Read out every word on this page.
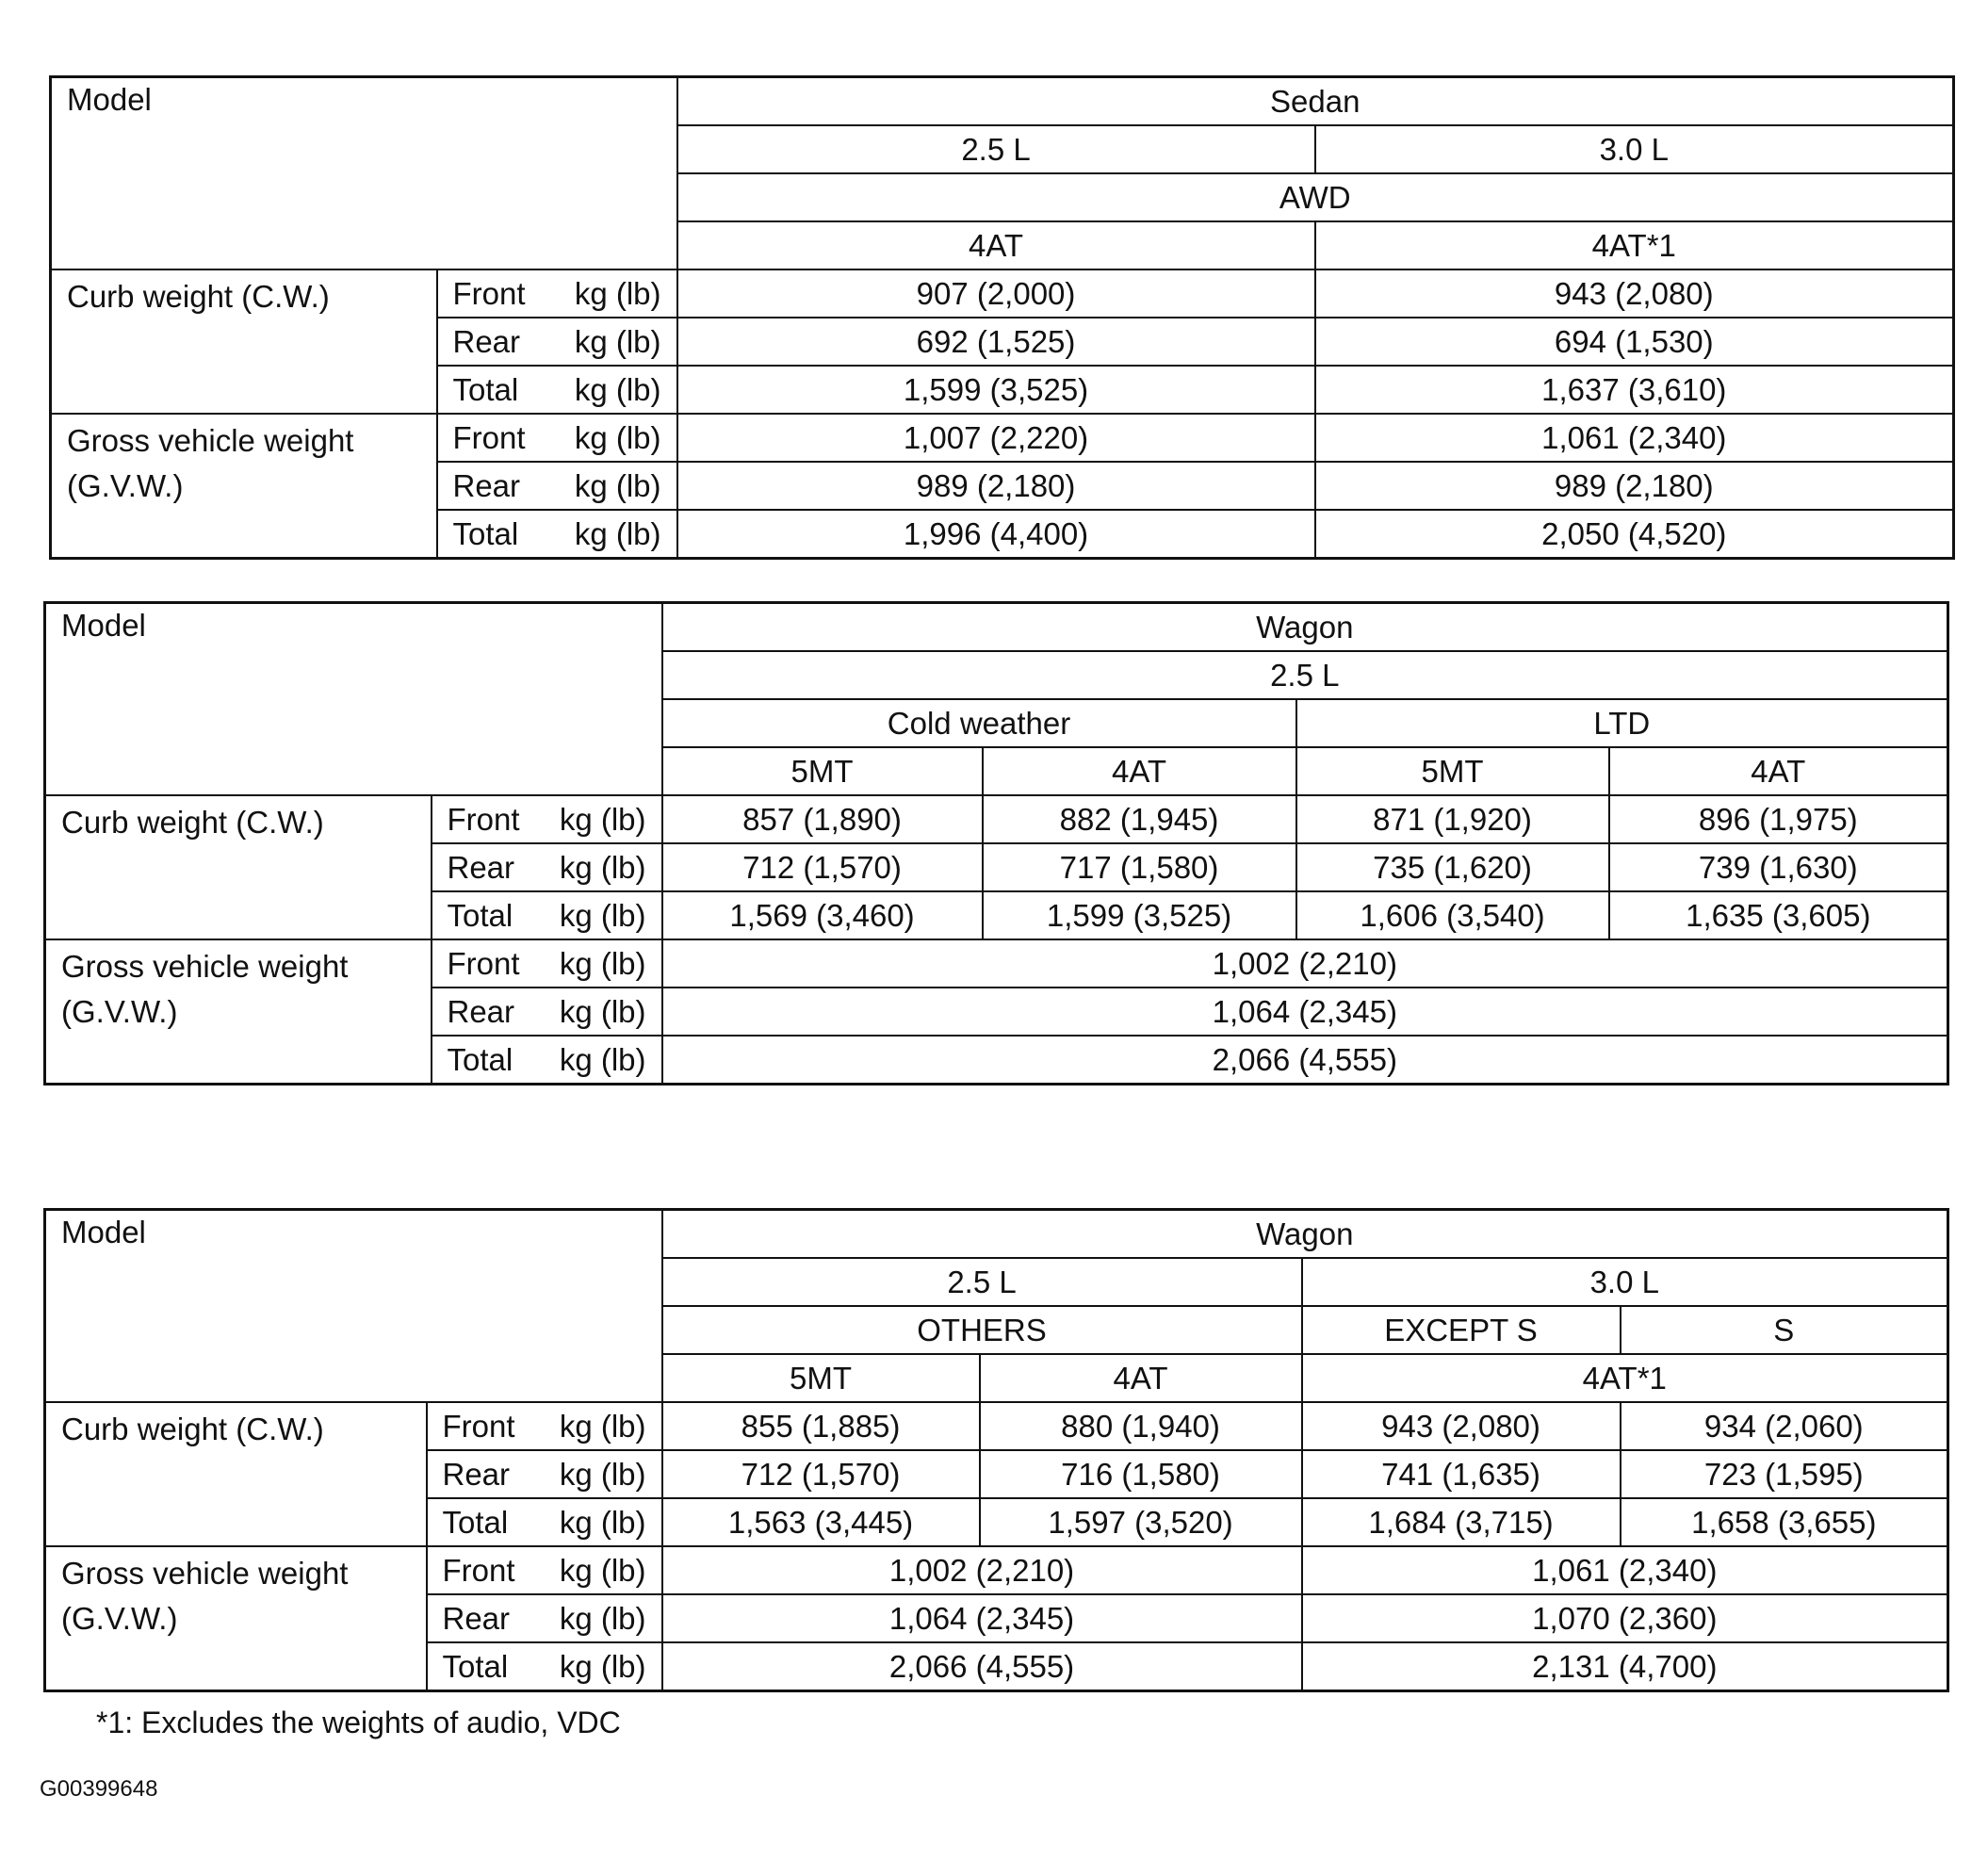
Model		Sedan	
		2.5 L	3.0 L
		AWD	
		4AT	4AT*1
Curb weight (C.W.)	Front kg (lb)	907 (2,000)	943 (2,080)
	Rear kg (lb)	692 (1,525)	694 (1,530)
	Total kg (lb)	1,599 (3,525)	1,637 (3,610)
Gross vehicle weight
(G.V.W.)	Front kg (lb)	1,007 (2,220)	1,061 (2,340)
	Rear kg (lb)	989 (2,180)	989 (2,180)
	Total kg (lb)	1,996 (4,400)	2,050 (4,520)
Model		Wagon			
		2.5 L			
		Cold weather		LTD	
		5MT	4AT	5MT	4AT
Curb weight (C.W.)	Front kg (lb)	857 (1,890)	882 (1,945)	871 (1,920)	896 (1,975)
	Rear kg (lb)	712 (1,570)	717 (1,580)	735 (1,620)	739 (1,630)
	Total kg (lb)	1,569 (3,460)	1,599 (3,525)	1,606 (3,540)	1,635 (3,605)
Gross vehicle weight
(G.V.W.)	Front kg (lb)	1,002 (2,210)			
	Rear kg (lb)	1,064 (2,345)			
	Total kg (lb)	2,066 (4,555)			
Model		Wagon			
		2.5 L		3.0 L	
		OTHERS		EXCEPT S	S
		5MT	4AT	4AT*1	
Curb weight (C.W.)	Front kg (lb)	855 (1,885)	880 (1,940)	943 (2,080)	934 (2,060)
	Rear kg (lb)	712 (1,570)	716 (1,580)	741 (1,635)	723 (1,595)
	Total kg (lb)	1,563 (3,445)	1,597 (3,520)	1,684 (3,715)	1,658 (3,655)
Gross vehicle weight
(G.V.W.)	Front kg (lb)	1,002 (2,210)		1,061 (2,340)	
	Rear kg (lb)	1,064 (2,345)		1,070 (2,360)	
	Total kg (lb)	2,066 (4,555)		2,131 (4,700)	
*1: Excludes the weights of audio, VDC
G00399648
